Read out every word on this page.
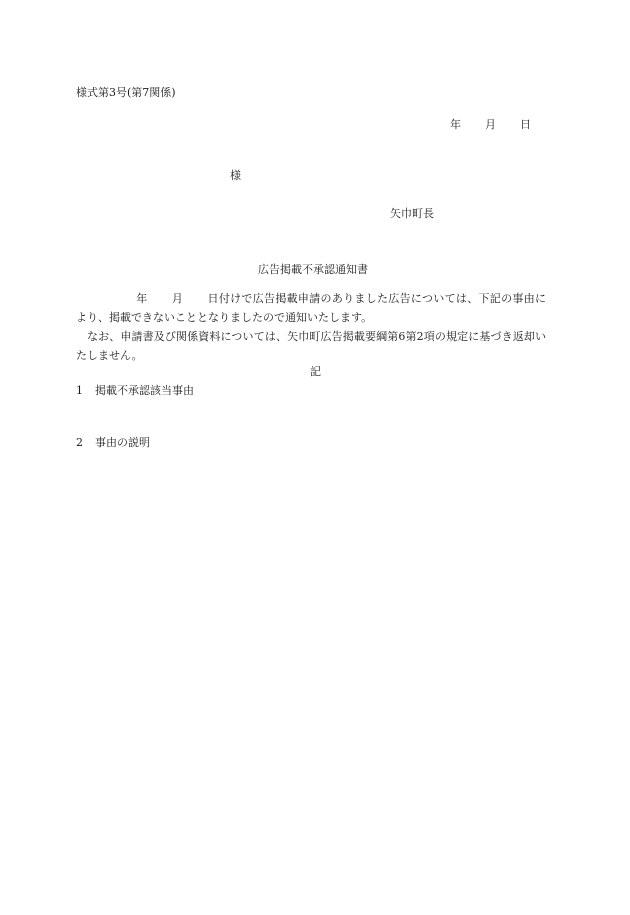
様式第3号(第7関係)
年 月 日
様
矢巾町長
広告掲載不承認通知書
年 月 日付けで広告掲載申請のありました広告については、下記の事由により、掲載できないこととなりましたので通知いたします。
なお、申請書及び関係資料については、矢巾町広告掲載要綱第6第2項の規定に基づき返却いたしません。
記
1 掲載不承認該当事由
2 事由の説明
